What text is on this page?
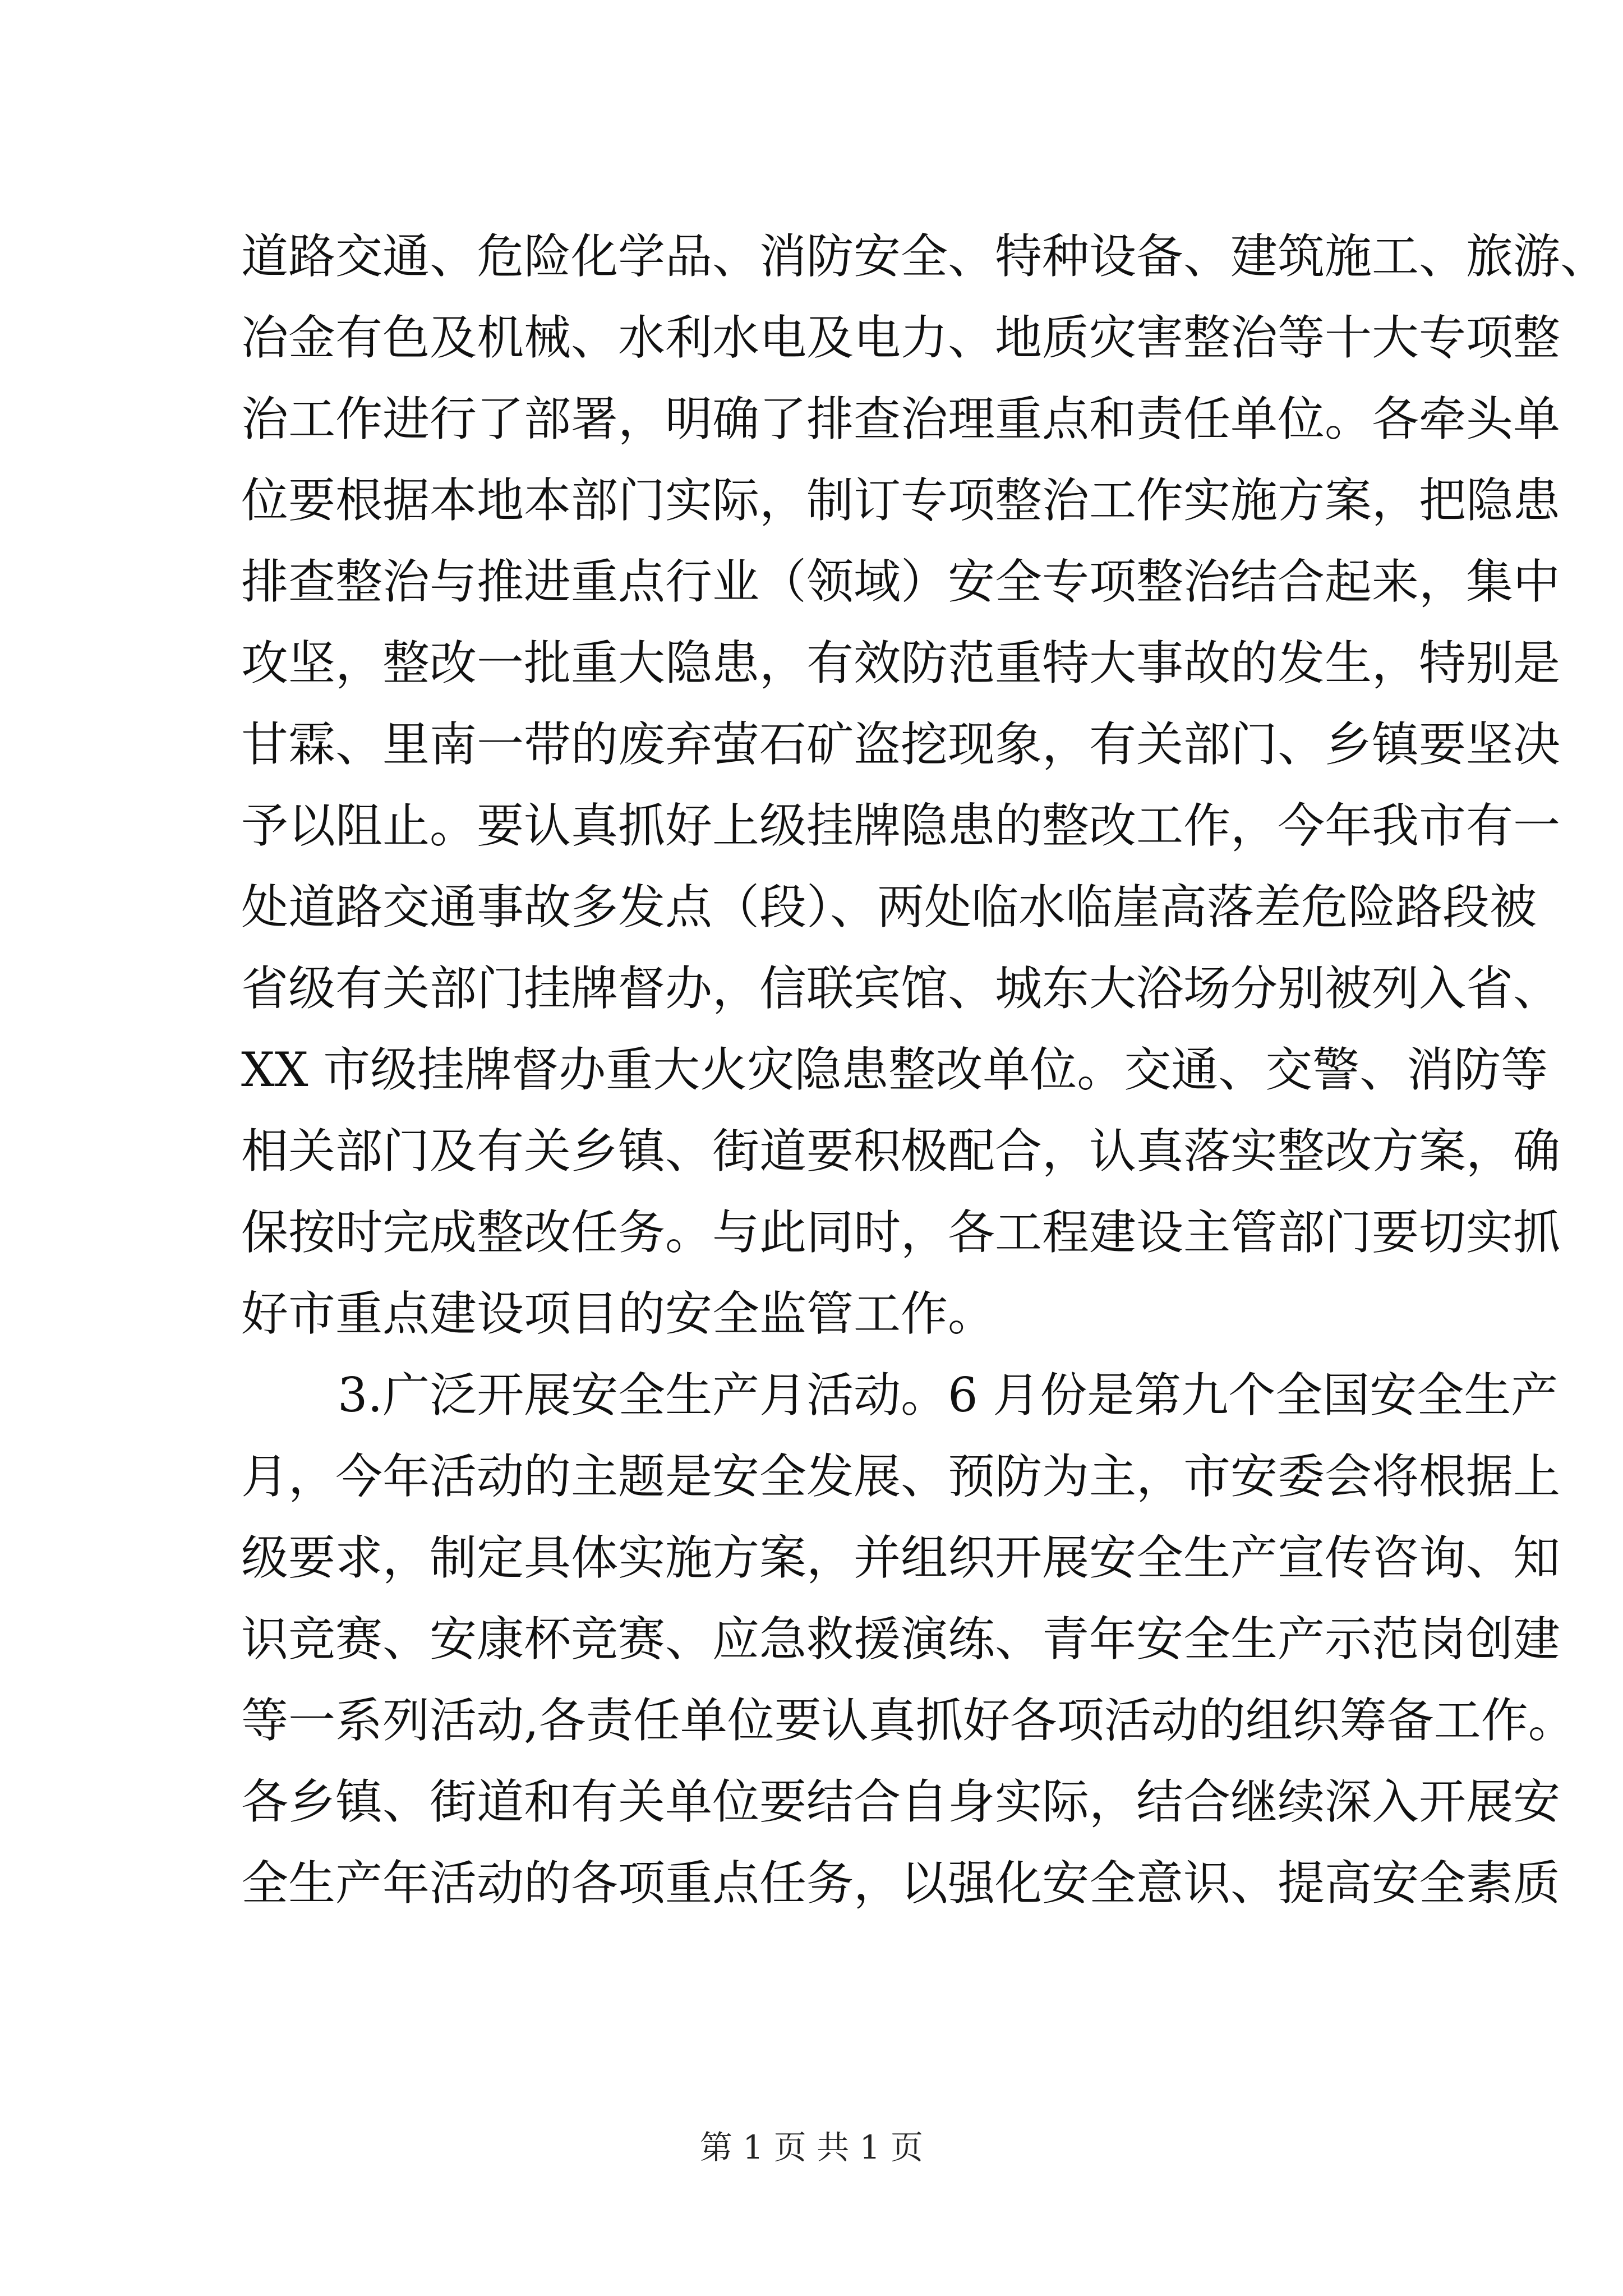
道路交通、危险化学品、消防安全、特种设备、建筑施工、旅游、
冶金有色及机械、水利水电及电力、地质灾害整治等十大专项整
治工作进行了部署，明确了排查治理重点和责任单位。各牵头单
位要根据本地本部门实际，制订专项整治工作实施方案，把隐患
排查整治与推进重点行业（领域）安全专项整治结合起来，集中
攻坚，整改一批重大隐患，有效防范重特大事故的发生，特别是
甘霖、里南一带的废弃萤石矿盗挖现象，有关部门、乡镇要坚决
予以阻止。要认真抓好上级挂牌隐患的整改工作，今年我市有一
处道路交通事故多发点（段）、两处临水临崖高落差危险路段被
省级有关部门挂牌督办，信联宾馆、城东大浴场分别被列入省、
XX 市级挂牌督办重大火灾隐患整改单位。交通、交警、消防等
相关部门及有关乡镇、街道要积极配合，认真落实整改方案，确
保按时完成整改任务。与此同时，各工程建设主管部门要切实抓
好市重点建设项目的安全监管工作。
3.广泛开展安全生产月活动。6 月份是第九个全国安全生产
月，今年活动的主题是安全发展、预防为主，市安委会将根据上
级要求，制定具体实施方案，并组织开展安全生产宣传咨询、知
识竞赛、安康杯竞赛、应急救援演练、青年安全生产示范岗创建
等一系列活动,各责任单位要认真抓好各项活动的组织筹备工作。
各乡镇、街道和有关单位要结合自身实际，结合继续深入开展安
全生产年活动的各项重点任务，以强化安全意识、提高安全素质
第 1 页 共 1 页
